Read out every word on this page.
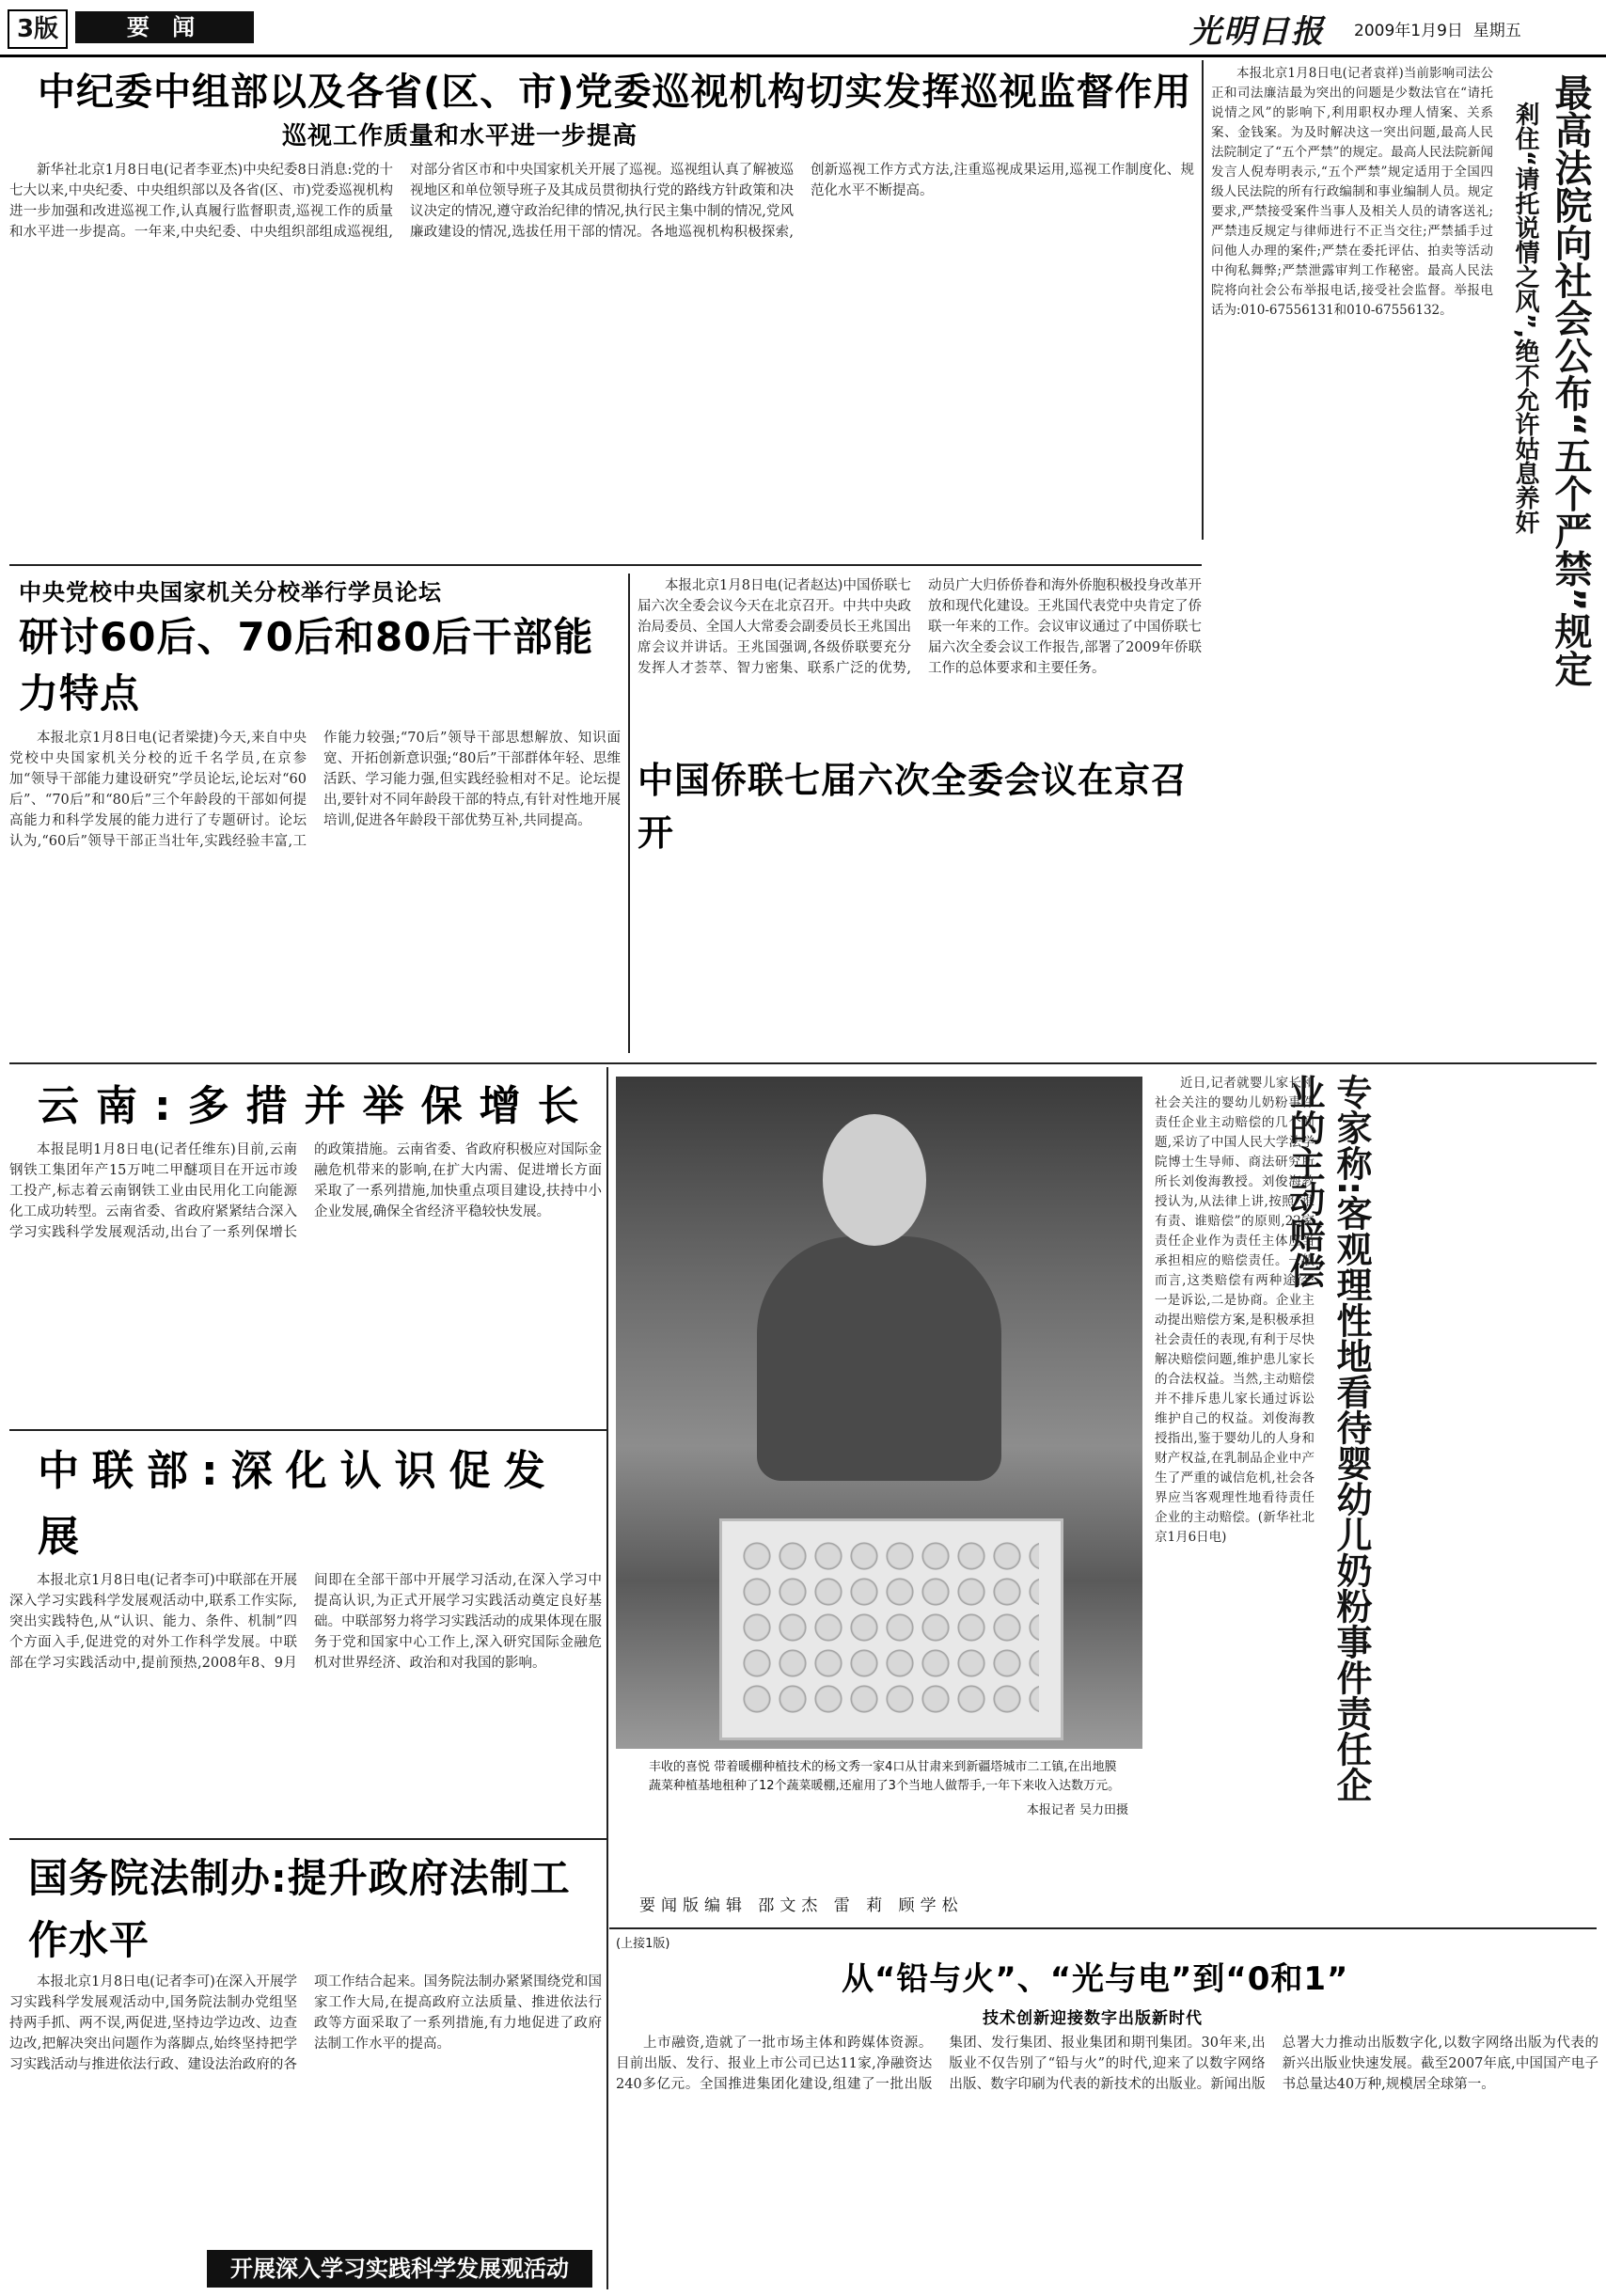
3版	要 闻	光明日报 2009年1月9日 星期五
中纪委中组部以及各省(区、市)党委巡视机构切实发挥巡视监督作用
巡视工作质量和水平进一步提高
新华社北京1月8日电(记者李亚杰)中央纪委8日消息:党的十七大以来,中央纪委、中央组织部以及各省(区、市)党委巡视机构进一步加强和改进巡视工作,认真履行监督职责,巡视工作的质量和水平进一步提高。一年来,中央纪委、中央组织部组成巡视组,对部分省区市和中央国家机关开展了巡视。巡视组认真了解被巡视地区和单位领导班子及其成员贯彻执行党的路线方针政策和决议决定的情况,遵守政治纪律的情况,执行民主集中制的情况,党风廉政建设的情况,选拔任用干部的情况。各地巡视机构积极探索,创新巡视工作方式方法,注重巡视成果运用,巡视工作制度化、规范化水平不断提高。	最高法院向社会公布“五个严禁”规定
剎住“请托说情之风”,绝不允许姑息养奸
本报北京1月8日电(记者袁祥)当前影响司法公正和司法廉洁最为突出的问题是少数法官在“请托说情之风”的影响下,利用职权办理人情案、关系案、金钱案。为及时解决这一突出问题,最高人民法院制定了“五个严禁”的规定。最高人民法院新闻发言人倪寿明表示,“五个严禁”规定适用于全国四级人民法院的所有行政编制和事业编制人员。规定要求,严禁接受案件当事人及相关人员的请客送礼;严禁违反规定与律师进行不正当交往;严禁插手过问他人办理的案件;严禁在委托评估、拍卖等活动中徇私舞弊;严禁泄露审判工作秘密。最高人民法院将向社会公布举报电话,接受社会监督。举报电话为:010-67556131和010-67556132。
中央党校中央国家机关分校举行学员论坛
研讨60后、70后和80后干部能力特点
本报北京1月8日电(记者梁捷)今天,来自中央党校中央国家机关分校的近千名学员,在京参加“领导干部能力建设研究”学员论坛,论坛对“60后”、“70后”和“80后”三个年龄段的干部如何提高能力和科学发展的能力进行了专题研讨。论坛认为,“60后”领导干部正当壮年,实践经验丰富,工作能力较强;“70后”领导干部思想解放、知识面宽、开拓创新意识强;“80后”干部群体年轻、思维活跃、学习能力强,但实践经验相对不足。论坛提出,要针对不同年龄段干部的特点,有针对性地开展培训,促进各年龄段干部优势互补,共同提高。
中国侨联七届六次全委会议在京召开
本报北京1月8日电(记者赵达)中国侨联七届六次全委会议今天在北京召开。中共中央政治局委员、全国人大常委会副委员长王兆国出席会议并讲话。王兆国强调,各级侨联要充分发挥人才荟萃、智力密集、联系广泛的优势,动员广大归侨侨眷和海外侨胞积极投身改革开放和现代化建设。王兆国代表党中央肯定了侨联一年来的工作。会议审议通过了中国侨联七届六次全委会议工作报告,部署了2009年侨联工作的总体要求和主要任务。
云南:多措并举保增长
本报昆明1月8日电(记者任维东)目前,云南钢铁工集团年产15万吨二甲醚项目在开远市竣工投产,标志着云南钢铁工业由民用化工向能源化工成功转型。云南省委、省政府紧紧结合深入学习实践科学发展观活动,出台了一系列保增长的政策措施。云南省委、省政府积极应对国际金融危机带来的影响,在扩大内需、促进增长方面采取了一系列措施,加快重点项目建设,扶持中小企业发展,确保全省经济平稳较快发展。
中联部:深化认识促发展
本报北京1月8日电(记者李可)中联部在开展深入学习实践科学发展观活动中,联系工作实际,突出实践特色,从“认识、能力、条件、机制”四个方面入手,促进党的对外工作科学发展。中联部在学习实践活动中,提前预热,2008年8、9月间即在全部干部中开展学习活动,在深入学习中提高认识,为正式开展学习实践活动奠定良好基础。中联部努力将学习实践活动的成果体现在服务于党和国家中心工作上,深入研究国际金融危机对世界经济、政治和对我国的影响。
国务院法制办:提升政府法制工作水平
本报北京1月8日电(记者李可)在深入开展学习实践科学发展观活动中,国务院法制办党组坚持两手抓、两不误,两促进,坚持边学边改、边查边改,把解决突出问题作为落脚点,始终坚持把学习实践活动与推进依法行政、建设法治政府的各项工作结合起来。国务院法制办紧紧围绕党和国家工作大局,在提高政府立法质量、推进依法行政等方面采取了一系列措施,有力地促进了政府法制工作水平的提高。
开展深入学习实践科学发展观活动
丰收的喜悦 带着暖棚种植技术的杨文秀一家4口从甘肃来到新疆塔城市二工镇,在出地膜蔬菜种植基地租种了12个蔬菜暖棚,还雇用了3个当地人做帮手,一年下来收入达数万元。
本报记者 吴力田摄
专家称:客观理性地看待婴幼儿奶粉事件责任企业的主动赔偿
近日,记者就婴儿家长和社会关注的婴幼儿奶粉事件责任企业主动赔偿的几个问题,采访了中国人民大学法学院博士生导师、商法研究所所长刘俊海教授。刘俊海教授认为,从法律上讲,按照“谁有责、谁赔偿”的原则,22家责任企业作为责任主体应当承担相应的赔偿责任。一般而言,这类赔偿有两种途径:一是诉讼,二是协商。企业主动提出赔偿方案,是积极承担社会责任的表现,有利于尽快解决赔偿问题,维护患儿家长的合法权益。当然,主动赔偿并不排斥患儿家长通过诉讼维护自己的权益。刘俊海教授指出,鉴于婴幼儿的人身和财产权益,在乳制品企业中产生了严重的诚信危机,社会各界应当客观理性地看待责任企业的主动赔偿。(新华社北京1月6日电)
要闻版编辑 邵文杰 雷 莉 顾学松
(上接1版)
从“铅与火”、“光与电”到“0和1”
技术创新迎接数字出版新时代
上市融资,造就了一批市场主体和跨媒体资源。目前出版、发行、报业上市公司已达11家,净融资达240多亿元。全国推进集团化建设,组建了一批出版集团、发行集团、报业集团和期刊集团。30年来,出版业不仅告别了“铅与火”的时代,迎来了以数字网络出版、数字印刷为代表的新技术的出版业。新闻出版总署大力推动出版数字化,以数字网络出版为代表的新兴出版业快速发展。截至2007年底,中国国产电子书总量达40万种,规模居全球第一。
